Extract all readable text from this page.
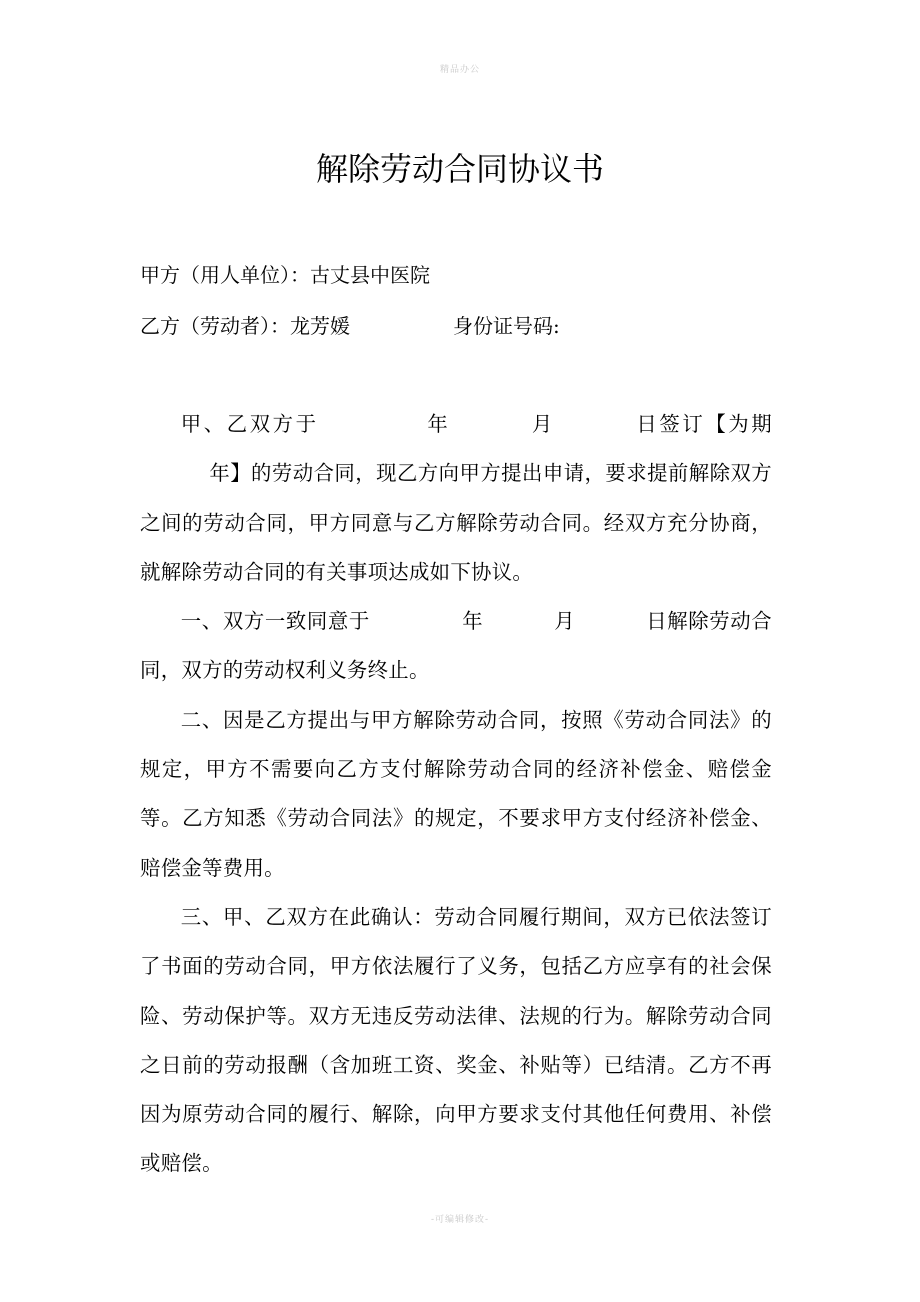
精品办公
解除劳动合同协议书
甲方（用人单位）：古丈县中医院
乙方（劳动者）：龙芳媛	身份证号码:

甲、乙双方于	年	月	日签订【为期          年】的劳动合同，现乙方向甲方提出申请，要求提前解除双方之间的劳动合同，甲方同意与乙方解除劳动合同。经双方充分协商，就解除劳动合同的有关事项达成如下协议。

一、双方一致同意于	年	月	日解除劳动合同，双方的劳动权利义务终止。

二、因是乙方提出与甲方解除劳动合同，按照《劳动合同法》的规定，甲方不需要向乙方支付解除劳动合同的经济补偿金、赔偿金等。乙方知悉《劳动合同法》的规定，不要求甲方支付经济补偿金、赔偿金等费用。

三、甲、乙双方在此确认：劳动合同履行期间，双方已依法签订了书面的劳动合同，甲方依法履行了义务，包括乙方应享有的社会保险、劳动保护等。双方无违反劳动法律、法规的行为。解除劳动合同之日前的劳动报酬（含加班工资、奖金、补贴等）已结清。乙方不再因为原劳动合同的履行、解除，向甲方要求支付其他任何费用、补偿或赔偿。

-可编辑修改-
